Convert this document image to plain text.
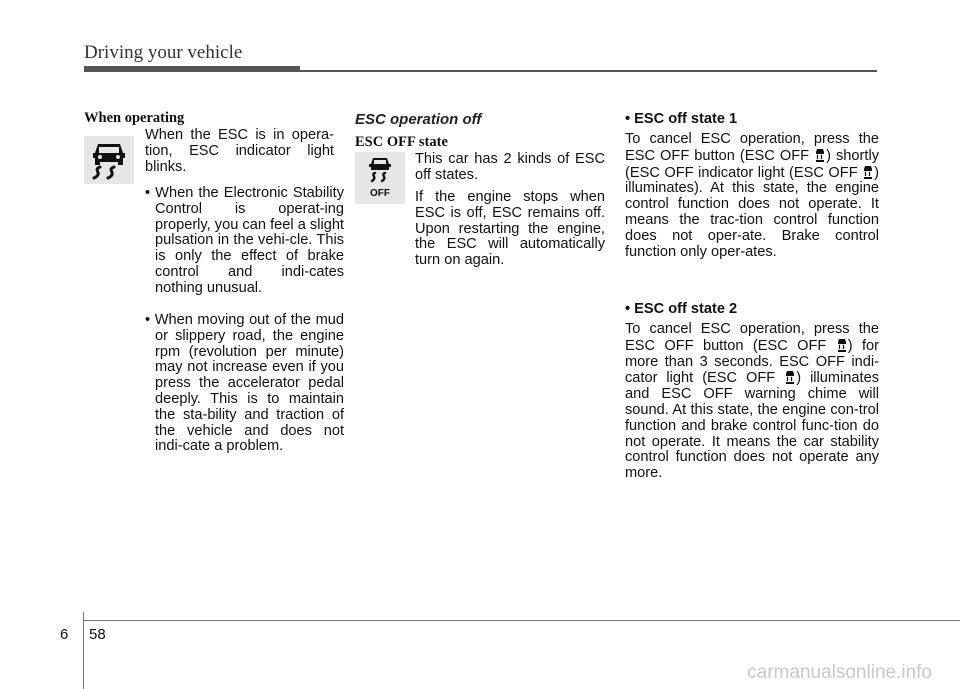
Driving your vehicle
When operating
When the ESC is in opera-tion, ESC indicator light blinks.
• When the Electronic Stability Control is operat-ing properly, you can feel a slight pulsation in the vehi-cle. This is only the effect of brake control and indi-cates nothing unusual.
• When moving out of the mud or slippery road, the engine rpm (revolution per minute) may not increase even if you press the accelerator pedal deeply. This is to maintain the sta-bility and traction of the vehicle and does not indi-cate a problem.
ESC operation off
ESC OFF state
OFF
This car has 2 kinds of ESC off states.
If the engine stops when ESC is off, ESC remains off. Upon restarting the engine, the ESC will automatically turn on again.
• ESC off state 1
To cancel ESC operation, press the ESC OFF button (ESC OFF ) shortly (ESC OFF indicator light (ESC OFF ) illuminates). At this state, the engine control function does not operate. It means the trac-tion control function does not oper-ate. Brake control function only oper-ates.
• ESC off state 2
To cancel ESC operation, press the ESC OFF button (ESC OFF ) for more than 3 seconds. ESC OFF indi-cator light (ESC OFF ) illuminates and ESC OFF warning chime will sound. At this state, the engine con-trol function and brake control func-tion do not operate. It means the car stability control function does not operate any more.
6 58
carmanualsonline.info
